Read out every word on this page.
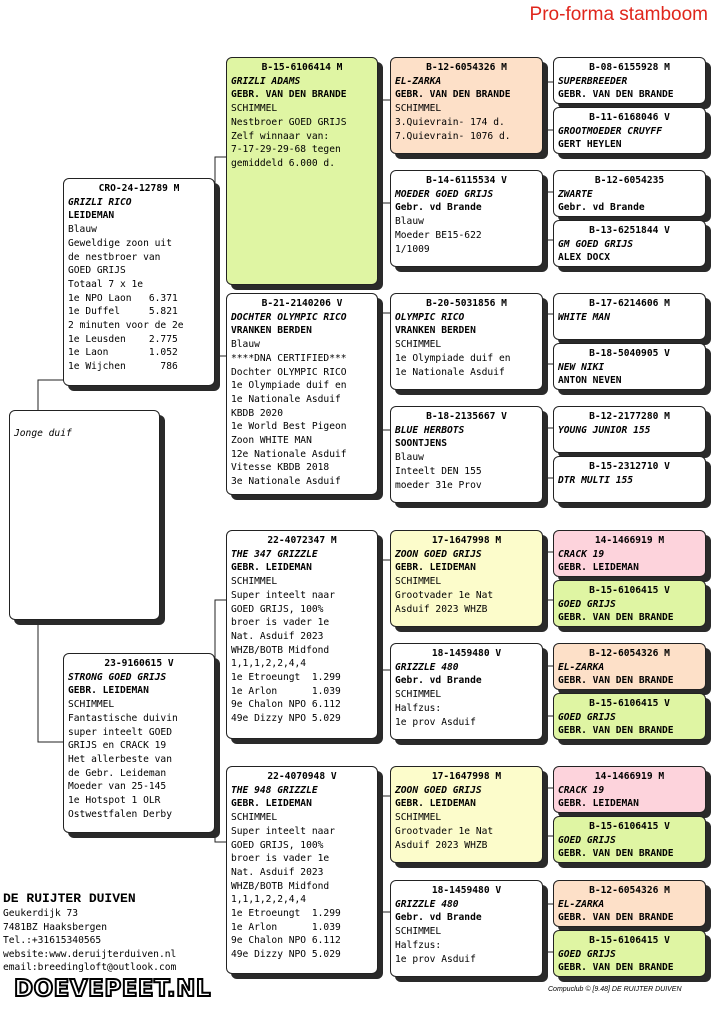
Pro-forma stamboom
Jonge duif
CRO-24-12789 M
GRIZLI RICO
LEIDEMAN
Blauw
Geweldige zoon uit
de nestbroer van
GOED GRIJS
Totaal 7 x 1e
1e NPO Laon   6.371
1e Duffel     5.821
2 minuten voor de 2e
1e Leusden    2.775
1e Laon       1.052
1e Wijchen      786
23-9160615 V
STRONG GOED GRIJS
GEBR. LEIDEMAN
SCHIMMEL
Fantastische duivin
super inteelt GOED
GRIJS en CRACK 19
Het allerbeste van
de Gebr. Leideman
Moeder van 25-145
1e Hotspot 1 OLR
Ostwestfalen Derby
B-15-6106414 M
GRIZLI ADAMS
GEBR. VAN DEN BRANDE
SCHIMMEL
Nestbroer GOED GRIJS
Zelf winnaar van:
7-17-29-29-68 tegen
gemiddeld 6.000 d.
B-21-2140206 V
DOCHTER OLYMPIC RICO
VRANKEN BERDEN
Blauw
****DNA CERTIFIED***
Dochter OLYMPIC RICO
1e Olympiade duif en
1e Nationale Asduif
KBDB 2020
1e World Best Pigeon
Zoon WHITE MAN
12e Nationale Asduif
Vitesse KBDB 2018
3e Nationale Asduif
22-4072347 M
THE 347 GRIZZLE
GEBR. LEIDEMAN
SCHIMMEL
Super inteelt naar
GOED GRIJS, 100%
broer is vader 1e
Nat. Asduif 2023
WHZB/BOTB Midfond
1,1,1,2,2,4,4
1e Etroeungt  1.299
1e Arlon      1.039
9e Chalon NPO 6.112
49e Dizzy NPO 5.029
22-4070948 V
THE 948 GRIZZLE
GEBR. LEIDEMAN
SCHIMMEL
Super inteelt naar
GOED GRIJS, 100%
broer is vader 1e
Nat. Asduif 2023
WHZB/BOTB Midfond
1,1,1,2,2,4,4
1e Etroeungt  1.299
1e Arlon      1.039
9e Chalon NPO 6.112
49e Dizzy NPO 5.029
B-12-6054326 M
EL-ZARKA
GEBR. VAN DEN BRANDE
SCHIMMEL
3.Quievrain- 174 d.
7.Quievrain- 1076 d.
B-14-6115534 V
MOEDER GOED GRIJS
Gebr. vd Brande
Blauw
Moeder BE15-622
1/1009
B-20-5031856 M
OLYMPIC RICO
VRANKEN BERDEN
SCHIMMEL
1e Olympiade duif en
1e Nationale Asduif
B-18-2135667 V
BLUE HERBOTS
SOONTJENS
Blauw
Inteelt DEN 155
moeder 31e Prov
17-1647998 M
ZOON GOED GRIJS
GEBR. LEIDEMAN
SCHIMMEL
Grootvader 1e Nat
Asduif 2023 WHZB
18-1459480 V
GRIZZLE 480
Gebr. vd Brande
SCHIMMEL
Halfzus:
1e prov Asduif
17-1647998 M
ZOON GOED GRIJS
GEBR. LEIDEMAN
SCHIMMEL
Grootvader 1e Nat
Asduif 2023 WHZB
18-1459480 V
GRIZZLE 480
Gebr. vd Brande
SCHIMMEL
Halfzus:
1e prov Asduif
B-08-6155928 M
SUPERBREEDER
GEBR. VAN DEN BRANDE
B-11-6168046 V
GROOTMOEDER CRUYFF
GERT HEYLEN
B-12-6054235
ZWARTE
Gebr. vd Brande
B-13-6251844 V
GM GOED GRIJS
ALEX DOCX
B-17-6214606 M
WHITE MAN
B-18-5040905 V
NEW NIKI
ANTON NEVEN
B-12-2177280 M
YOUNG JUNIOR 155
B-15-2312710 V
DTR MULTI 155
14-1466919 M
CRACK 19
GEBR. LEIDEMAN
B-15-6106415 V
GOED GRIJS
GEBR. VAN DEN BRANDE
B-12-6054326 M
EL-ZARKA
GEBR. VAN DEN BRANDE
B-15-6106415 V
GOED GRIJS
GEBR. VAN DEN BRANDE
14-1466919 M
CRACK 19
GEBR. LEIDEMAN
B-15-6106415 V
GOED GRIJS
GEBR. VAN DEN BRANDE
B-12-6054326 M
EL-ZARKA
GEBR. VAN DEN BRANDE
B-15-6106415 V
GOED GRIJS
GEBR. VAN DEN BRANDE
DE RUIJTER DUIVEN
Geukerdijk 73
7481BZ Haaksbergen
Tel.:+31615340565
website:www.deruijterduiven.nl
email:breedingloft@outlook.com
DOEVEPEET.NL	Compuclub © [9.48] DE RUIJTER DUIVEN
